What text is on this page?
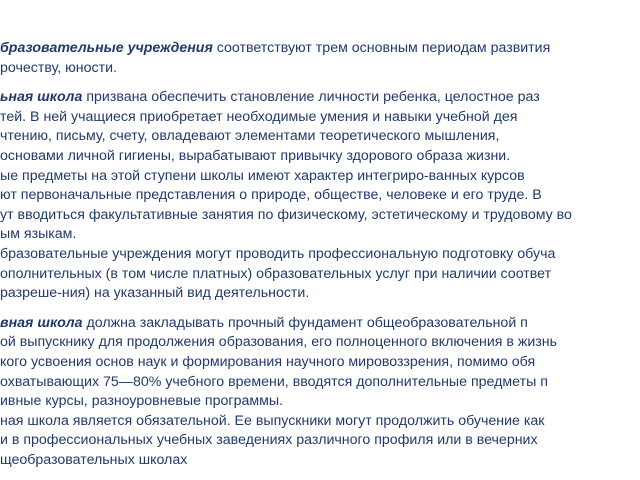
бразовательные учреждения соответствуют трем основным периодам развития
рочеству, юности.
ьная школа призвана обеспечить становление личности ребенка, целостное раз
тей. В ней учащиеся приобретает необходимые умения и навыки учебной дея
чтению, письму, счету, овладевают элементами теоретического мышления,
основами личной гигиены, вырабатывают привычку здорового образа жизни.
ые предметы на этой ступени школы имеют характер интегриро-ванных курсов
ют первоначальные представления о природе, обществе, человеке и его труде. В
ут вводиться факультативные занятия по физическому, эстетическому и трудовому во
ым языкам.
бразовательные учреждения могут проводить профессиональную подготовку обуча
ополнительных (в том числе платных) образовательных услуг при наличии соответ
разреше-ния) на указанный вид деятельности.
вная школа должна закладывать прочный фундамент общеобразовательной п
ой выпускнику для продолжения образования, его полноценного включения в жизнь
кого усвоения основ наук и формирования научного мировоззрения, помимо обя
охватывающих 75—80% учебного времени, вводятся дополнительные предметы п
ивные курсы, разноуровневые программы.
ная школа является обязательной. Ее выпускники могут продолжить обучение как
и в профессиональных учебных заведениях различного профиля или в вечерних
щеобразовательных школах
